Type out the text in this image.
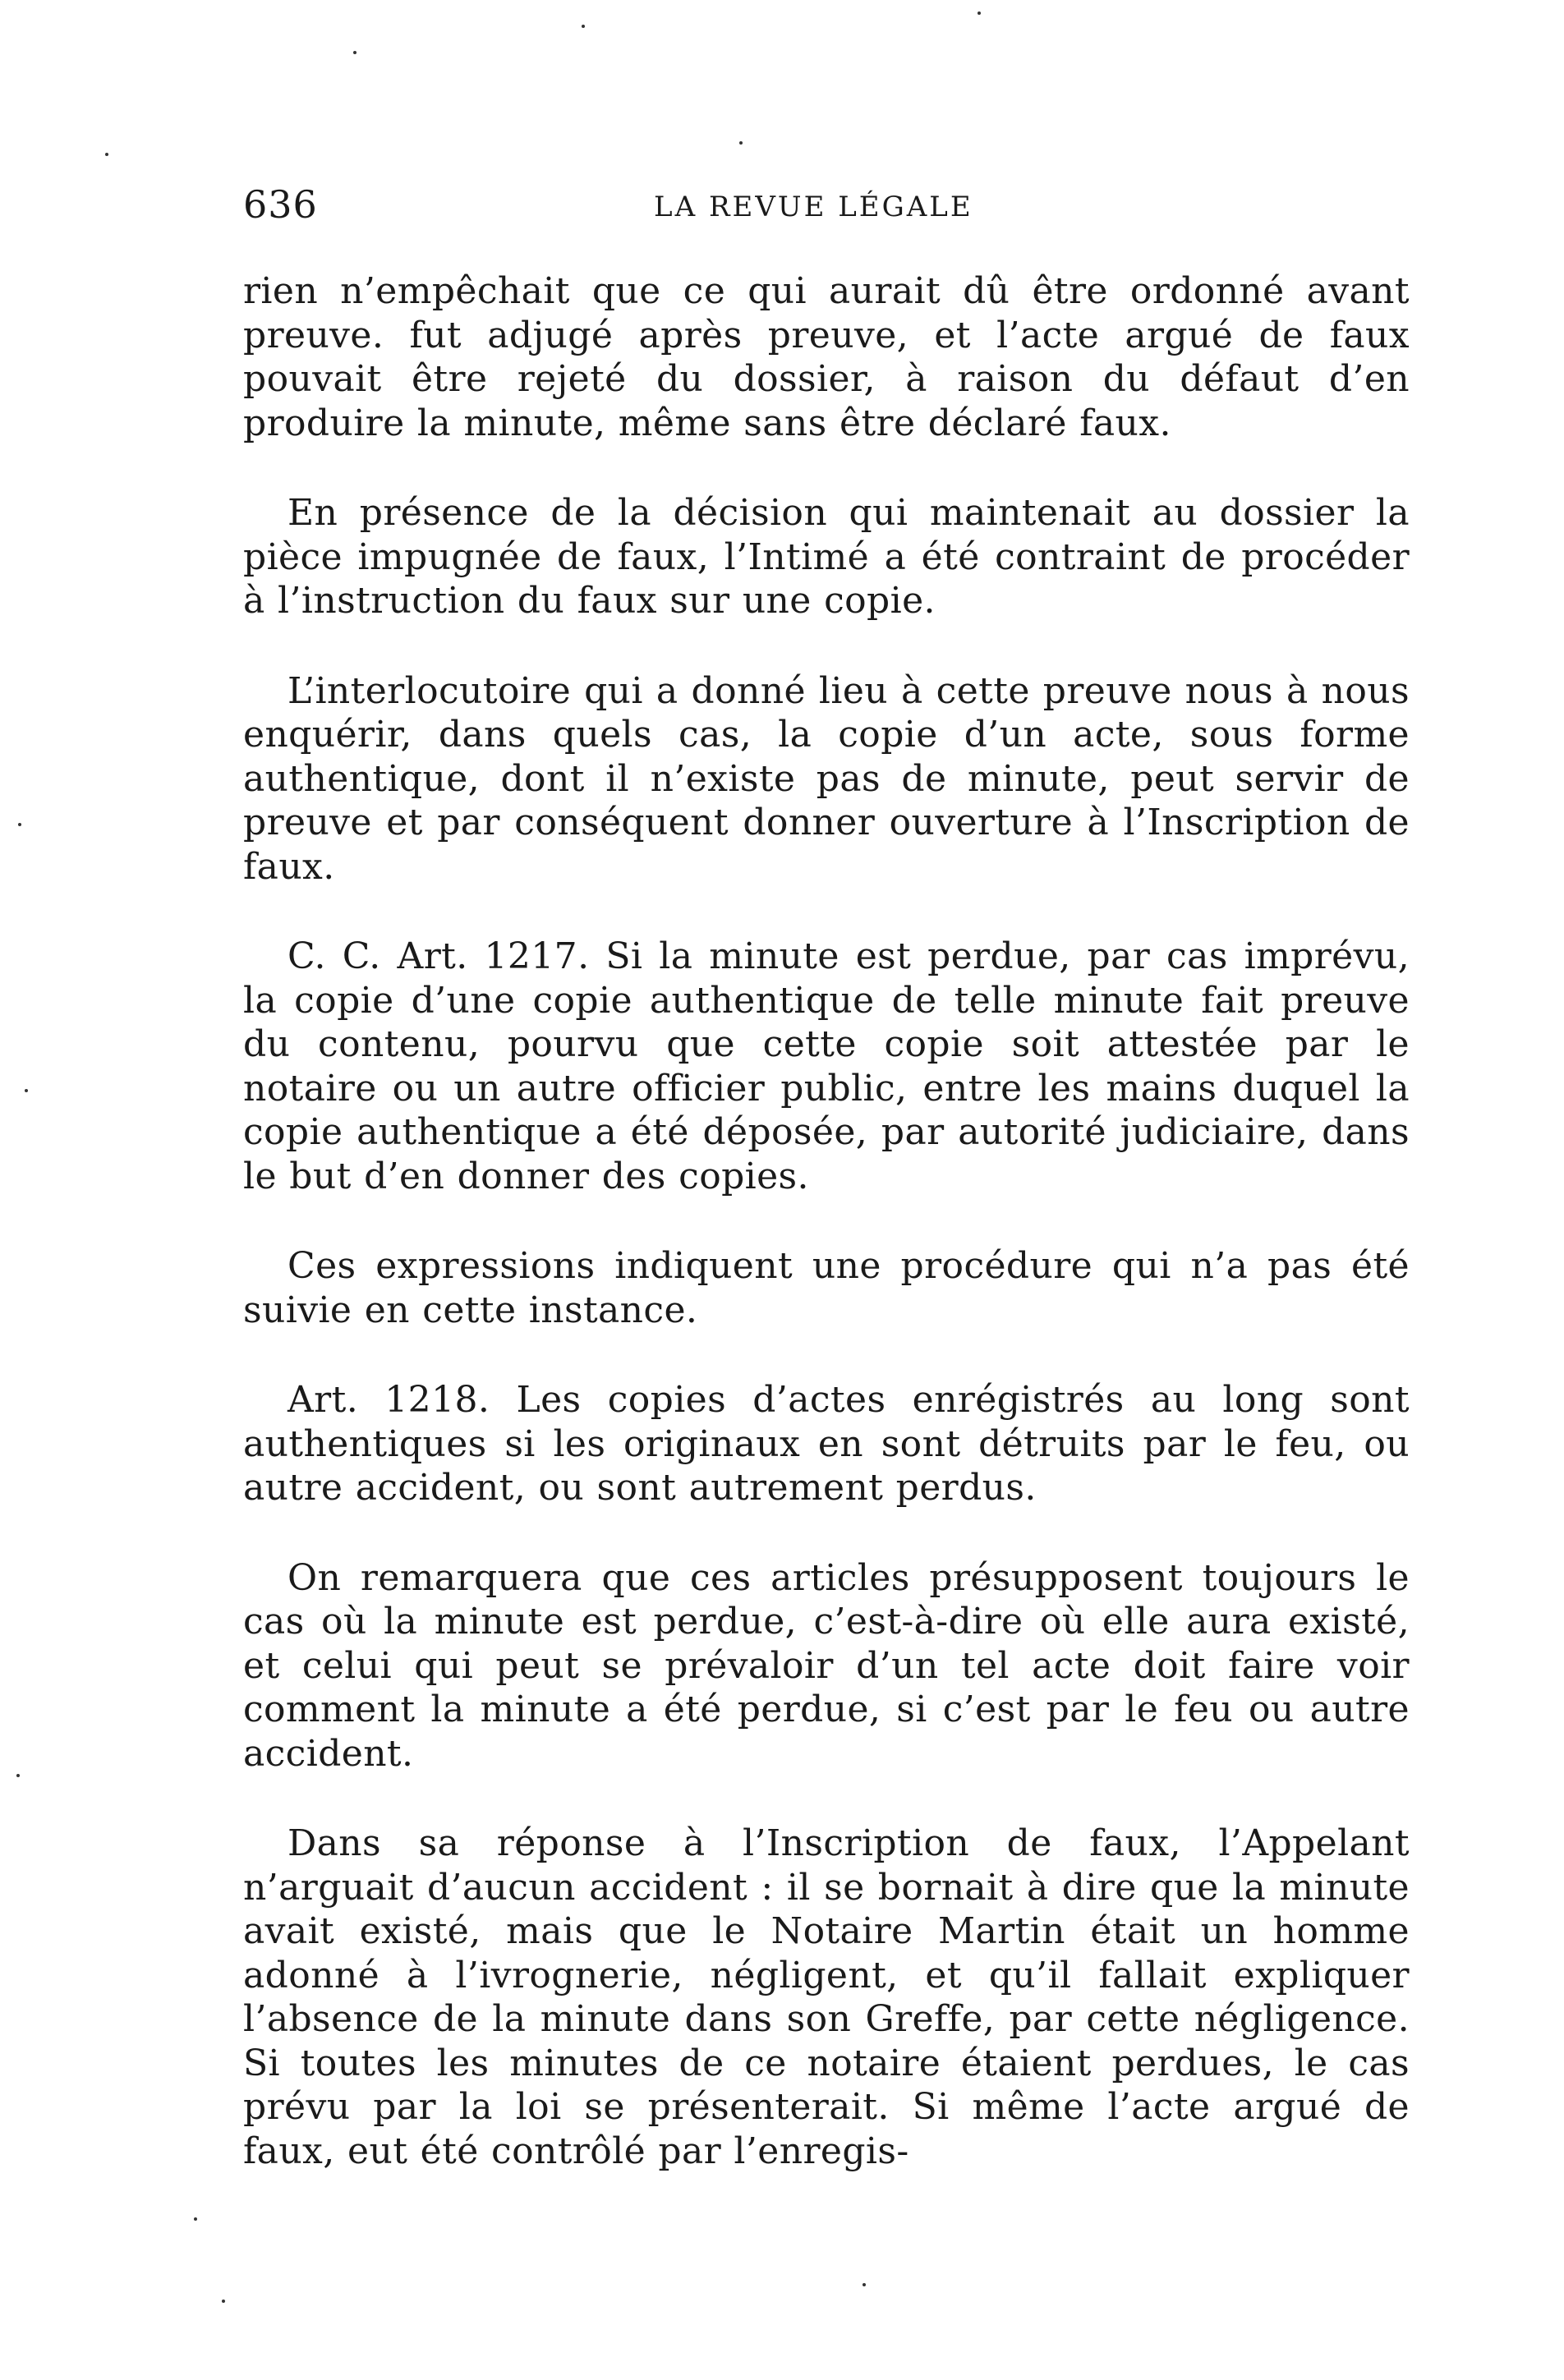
636	LA REVUE LÉGALE

rien n’empêchait que ce qui aurait dû être ordonné avant preuve. fut adjugé après preuve, et l’acte argué de faux pouvait être rejeté du dossier, à raison du défaut d’en produire la minute, même sans être déclaré faux.

En présence de la décision qui maintenait au dossier la pièce impugnée de faux, l’Intimé a été contraint de procéder à l’instruction du faux sur une copie.

L’interlocutoire qui a donné lieu à cette preuve nous à nous enquérir, dans quels cas, la copie d’un acte, sous forme authentique, dont il n’existe pas de minute, peut servir de preuve et par conséquent donner ouverture à l’Inscription de faux.

C. C. Art. 1217. Si la minute est perdue, par cas imprévu, la copie d’une copie authentique de telle minute fait preuve du contenu, pourvu que cette copie soit attestée par le notaire ou un autre officier public, entre les mains duquel la copie authentique a été déposée, par autorité judiciaire, dans le but d’en donner des copies.

Ces expressions indiquent une procédure qui n’a pas été suivie en cette instance.

Art. 1218. Les copies d’actes enrégistrés au long sont authentiques si les originaux en sont détruits par le feu, ou autre accident, ou sont autrement perdus.

On remarquera que ces articles présupposent toujours le cas où la minute est perdue, c’est-à-dire où elle aura existé, et celui qui peut se prévaloir d’un tel acte doit faire voir comment la minute a été perdue, si c’est par le feu ou autre accident.

Dans sa réponse à l’Inscription de faux, l’Appelant n’arguait d’aucun accident : il se bornait à dire que la minute avait existé, mais que le Notaire Martin était un homme adonné à l’ivrognerie, négligent, et qu’il fallait expliquer l’absence de la minute dans son Greffe, par cette négligence. Si toutes les minutes de ce notaire étaient perdues, le cas prévu par la loi se présenterait. Si même l’acte argué de faux, eut été contrôlé par l’enregis-
